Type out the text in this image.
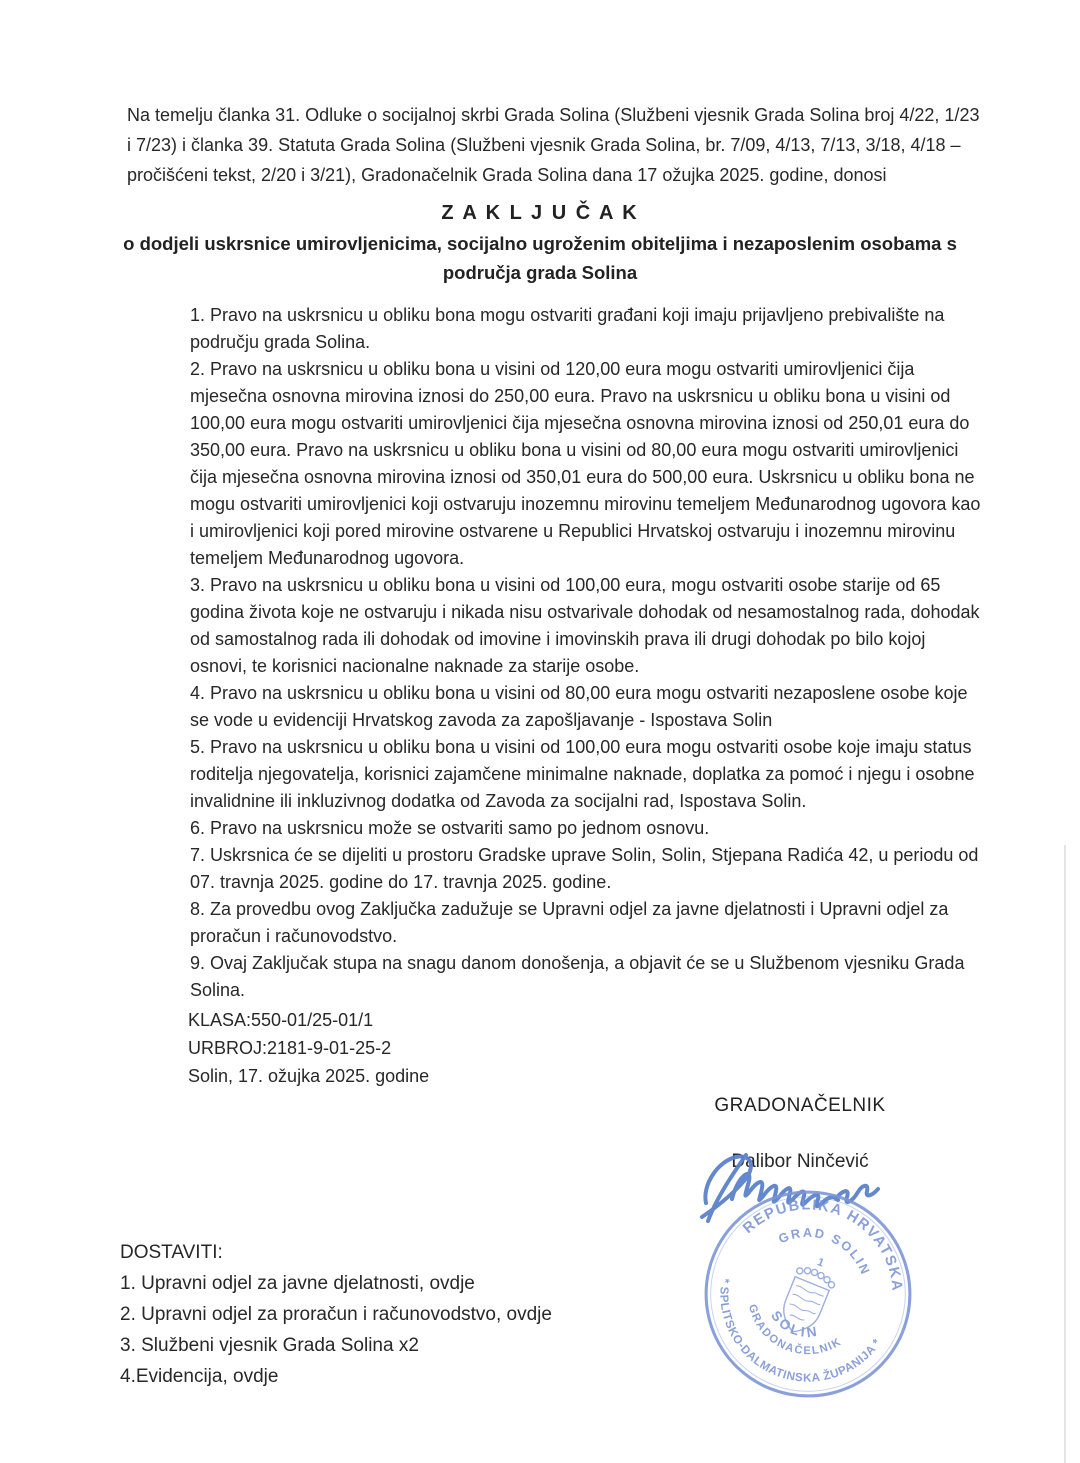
Na temelju članka 31. Odluke o socijalnoj skrbi Grada Solina (Službeni vjesnik Grada Solina broj 4/22, 1/23 i 7/23) i članka 39. Statuta Grada Solina (Službeni vjesnik Grada Solina, br. 7/09, 4/13, 7/13, 3/18, 4/18 – pročišćeni tekst, 2/20 i 3/21), Gradonačelnik Grada Solina dana 17 ožujka 2025. godine, donosi

Z A K L J U Č A K
o dodjeli uskrsnice umirovljenicima, socijalno ugroženim obiteljima i nezaposlenim osobama s područja grada Solina

1. Pravo na uskrsnicu u obliku bona mogu ostvariti građani koji imaju prijavljeno prebivalište na području grada Solina.

2. Pravo na uskrsnicu u obliku bona u visini od 120,00 eura mogu ostvariti umirovljenici čija mjesečna osnovna mirovina iznosi do 250,00 eura. Pravo na uskrsnicu u obliku bona u visini od 100,00 eura mogu ostvariti umirovljenici čija mjesečna osnovna mirovina iznosi od 250,01 eura do 350,00 eura. Pravo na uskrsnicu u obliku bona u visini od 80,00 eura mogu ostvariti umirovljenici čija mjesečna osnovna mirovina iznosi od 350,01 eura do 500,00 eura. Uskrsnicu u obliku bona ne mogu ostvariti umirovljenici koji ostvaruju inozemnu mirovinu temeljem Međunarodnog ugovora kao i umirovljenici koji pored mirovine ostvarene u Republici Hrvatskoj ostvaruju i inozemnu mirovinu temeljem Međunarodnog ugovora.

3. Pravo na uskrsnicu u obliku bona u visini od 100,00 eura, mogu ostvariti osobe starije od 65 godina života koje ne ostvaruju i nikada nisu ostvarivale dohodak od nesamostalnog rada, dohodak od samostalnog rada ili dohodak od imovine i imovinskih prava ili drugi dohodak po bilo kojoj osnovi, te korisnici nacionalne naknade za starije osobe.

4. Pravo na uskrsnicu u obliku bona u visini od 80,00 eura mogu ostvariti nezaposlene osobe koje se vode u evidenciji Hrvatskog zavoda za zapošljavanje - Ispostava Solin

5. Pravo na uskrsnicu u obliku bona u visini od 100,00 eura mogu ostvariti osobe koje imaju status roditelja njegovatelja, korisnici zajamčene minimalne naknade, doplatka za pomoć i njegu i osobne invalidnine ili inkluzivnog dodatka od Zavoda za socijalni rad, Ispostava Solin.

6. Pravo na uskrsnicu može se ostvariti samo po jednom osnovu.

7. Uskrsnica će se dijeliti u prostoru Gradske uprave Solin, Solin, Stjepana Radića 42, u periodu od  07. travnja 2025. godine do 17. travnja 2025. godine.

8. Za provedbu ovog Zaključka zadužuje se Upravni odjel za javne djelatnosti i Upravni odjel za proračun i računovodstvo.

9. Ovaj Zaključak stupa na snagu danom donošenja, a objavit će se u Službenom vjesniku Grada Solina.

KLASA:550-01/25-01/1

URBROJ:2181-9-01-25-2

Solin, 17. ožujka 2025. godine

GRADONAČELNIK

Dalibor Ninčević

REPUBLIKA HRVATSKA
* SPLITSKO-DALMATINSKA ŽUPANIJA *
GRAD SOLIN
1
SOLIN
GRADONAČELNIK

DOSTAVITI:

1. Upravni odjel za javne djelatnosti, ovdje

2. Upravni odjel za proračun i računovodstvo, ovdje

3. Službeni vjesnik Grada Solina x2

4.Evidencija, ovdje
